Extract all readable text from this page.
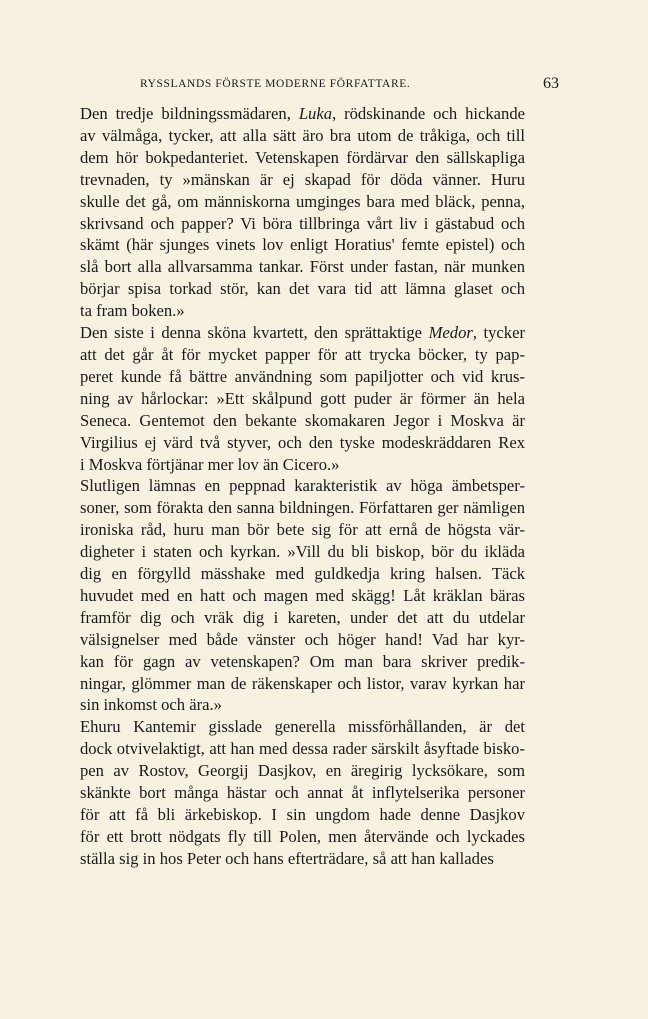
RYSSLANDS FÖRSTE MODERNE FÖRFATTARE.	63

Den tredje bildningssmädaren, Luka, rödskinande och hickande
av välmåga, tycker, att alla sätt äro bra utom de tråkiga, och till
dem hör bokpedanteriet. Vetenskapen fördärvar den sällskapliga
trevnaden, ty »mänskan är ej skapad för döda vänner. Huru
skulle det gå, om människorna umginges bara med bläck, penna,
skrivsand och papper? Vi böra tillbringa vårt liv i gästabud och
skämt (här sjunges vinets lov enligt Horatius' femte epistel) och
slå bort alla allvarsamma tankar. Först under fastan, när munken
börjar spisa torkad stör, kan det vara tid att lämna glaset och
ta fram boken.»

Den siste i denna sköna kvartett, den sprättaktige Medor, tycker
att det går åt för mycket papper för att trycka böcker, ty pap-
peret kunde få bättre användning som papiljotter och vid krus-
ning av hårlockar: »Ett skålpund gott puder är förmer än hela
Seneca. Gentemot den bekante skomakaren Jegor i Moskva är
Virgilius ej värd två styver, och den tyske modeskräddaren Rex
i Moskva förtjänar mer lov än Cicero.»

Slutligen lämnas en peppnad karakteristik av höga ämbetsper-
soner, som förakta den sanna bildningen. Författaren ger nämligen
ironiska råd, huru man bör bete sig för att ernå de högsta vär-
digheter i staten och kyrkan. »Vill du bli biskop, bör du ikläda
dig en förgylld mässhake med guldkedja kring halsen. Täck
huvudet med en hatt och magen med skägg! Låt kräklan bäras
framför dig och vräk dig i kareten, under det att du utdelar
välsignelser med både vänster och höger hand! Vad har kyr-
kan för gagn av vetenskapen? Om man bara skriver predik-
ningar, glömmer man de räkenskaper och listor, varav kyrkan har
sin inkomst och ära.»

Ehuru Kantemir gisslade generella missförhållanden, är det
dock otvivelaktigt, att han med dessa rader särskilt åsyftade bisko-
pen av Rostov, Georgij Dasjkov, en äregirig lycksökare, som
skänkte bort många hästar och annat åt inflytelserika personer
för att få bli ärkebiskop. I sin ungdom hade denne Dasjkov
för ett brott nödgats fly till Polen, men återvände och lyckades
ställa sig in hos Peter och hans efterträdare, så att han kallades
